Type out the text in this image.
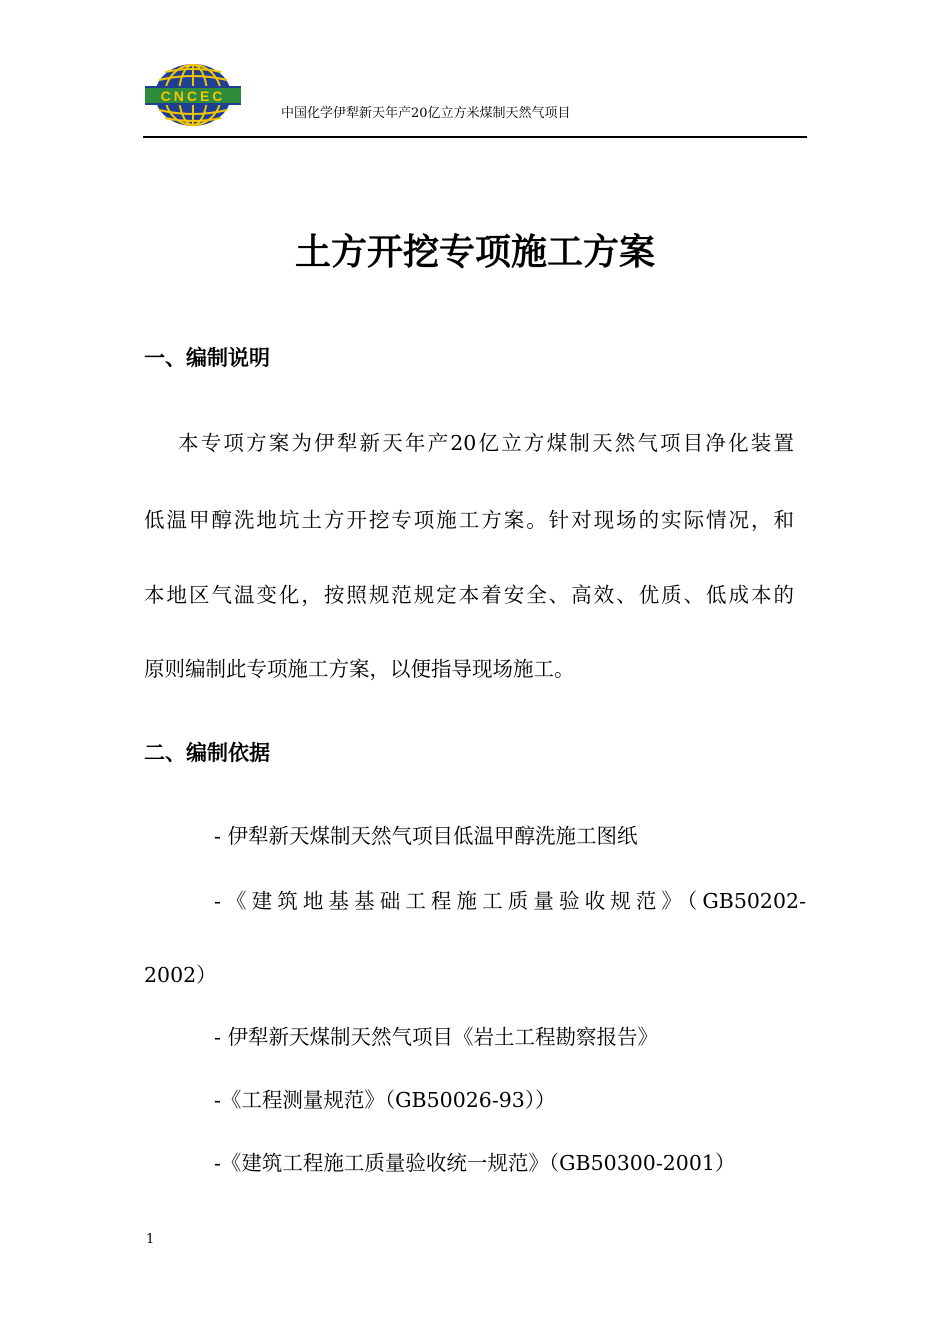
CNCEC
中国化学伊犁新天年产20亿立方米煤制天然气项目
土方开挖专项施工方案
一、编制说明
本专项方案为伊犁新天年产20亿立方煤制天然气项目净化装置
低温甲醇洗地坑土方开挖专项施工方案。针对现场的实际情况，和
本地区气温变化，按照规范规定本着安全、高效、优质、低成本的
原则编制此专项施工方案，以便指导现场施工。
二、编制依据
- 伊犁新天煤制天然气项目低温甲醇洗施工图纸
-《建筑地基基础工程施工质量验收规范》（GB50202-
2002）
- 伊犁新天煤制天然气项目《岩土工程勘察报告》
-《工程测量规范》（GB50026-93））
-《建筑工程施工质量验收统一规范》（GB50300-2001）
1
